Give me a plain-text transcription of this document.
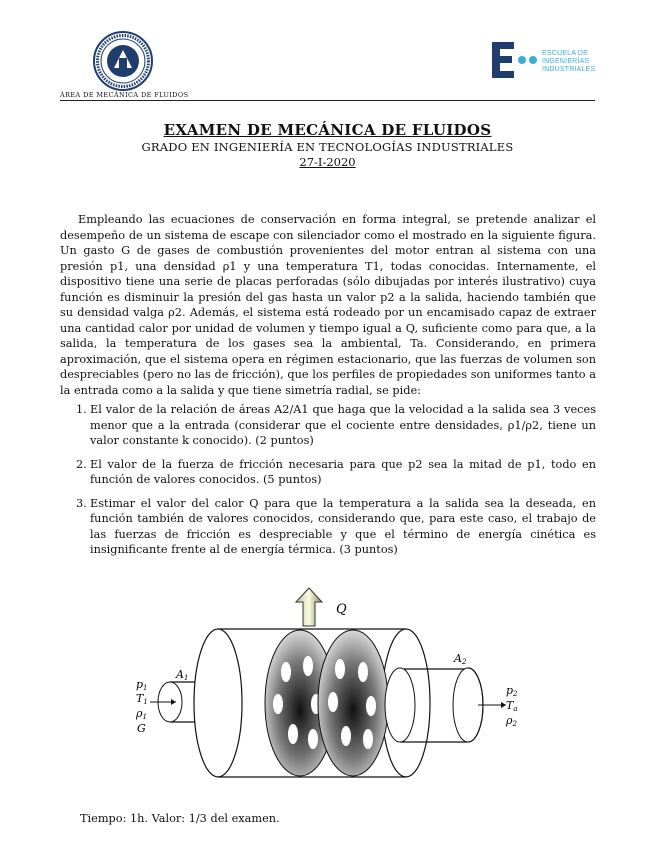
ÁREA DE MECÁNICA DE FLUIDOS
ESCUELA DE
INGENIERÍAS
INDUSTRIALES
EXAMEN DE MECÁNICA DE FLUIDOS
GRADO EN INGENIERÍA EN TECNOLOGÍAS INDUSTRIALES
27-I-2020

Empleando las ecuaciones de conservación en forma integral, se pretende analizar el desempeño de un sistema de escape con silenciador como el mostrado en la siguiente figura. Un gasto G de gases de combustión provenientes del motor entran al sistema con una presión p1, una densidad ρ1 y una temperatura T1, todas conocidas. Internamente, el dispositivo tiene una serie de placas perforadas (sólo dibujadas por interés ilustrativo) cuya función es disminuir la presión del gas hasta un valor p2 a la salida, haciendo también que su densidad valga ρ2. Además, el sistema está rodeado por un encamisado capaz de extraer una cantidad calor por unidad de volumen y tiempo igual a Q, suficiente como para que, a la salida, la temperatura de los gases sea la ambiental, Ta. Considerando, en primera aproximación, que el sistema opera en régimen estacionario, que las fuerzas de volumen son despreciables (pero no las de fricción), que los perfiles de propiedades son uniformes tanto a la entrada como a la salida y que tiene simetría radial, se pide:

1. El valor de la relación de áreas A2/A1 que haga que la velocidad a la salida sea 3 veces menor que a la entrada (considerar que el cociente entre densidades, ρ1/ρ2, tiene un valor constante k conocido). (2 puntos)
2. El valor de la fuerza de fricción necesaria para que p2 sea la mitad de p1, todo en función de valores conocidos. (5 puntos)
3. Estimar el valor del calor Q para que la temperatura a la salida sea la deseada, en función también de valores conocidos, considerando que, para este caso, el trabajo de las fuerzas de fricción es despreciable y que el término de energía cinética es insignificante frente al de energía térmica. (3 puntos)
Q
A1
A2
p1
T1
ρ1
G
p2
Ta
ρ2
Tiempo: 1h. Valor: 1/3 del examen.
